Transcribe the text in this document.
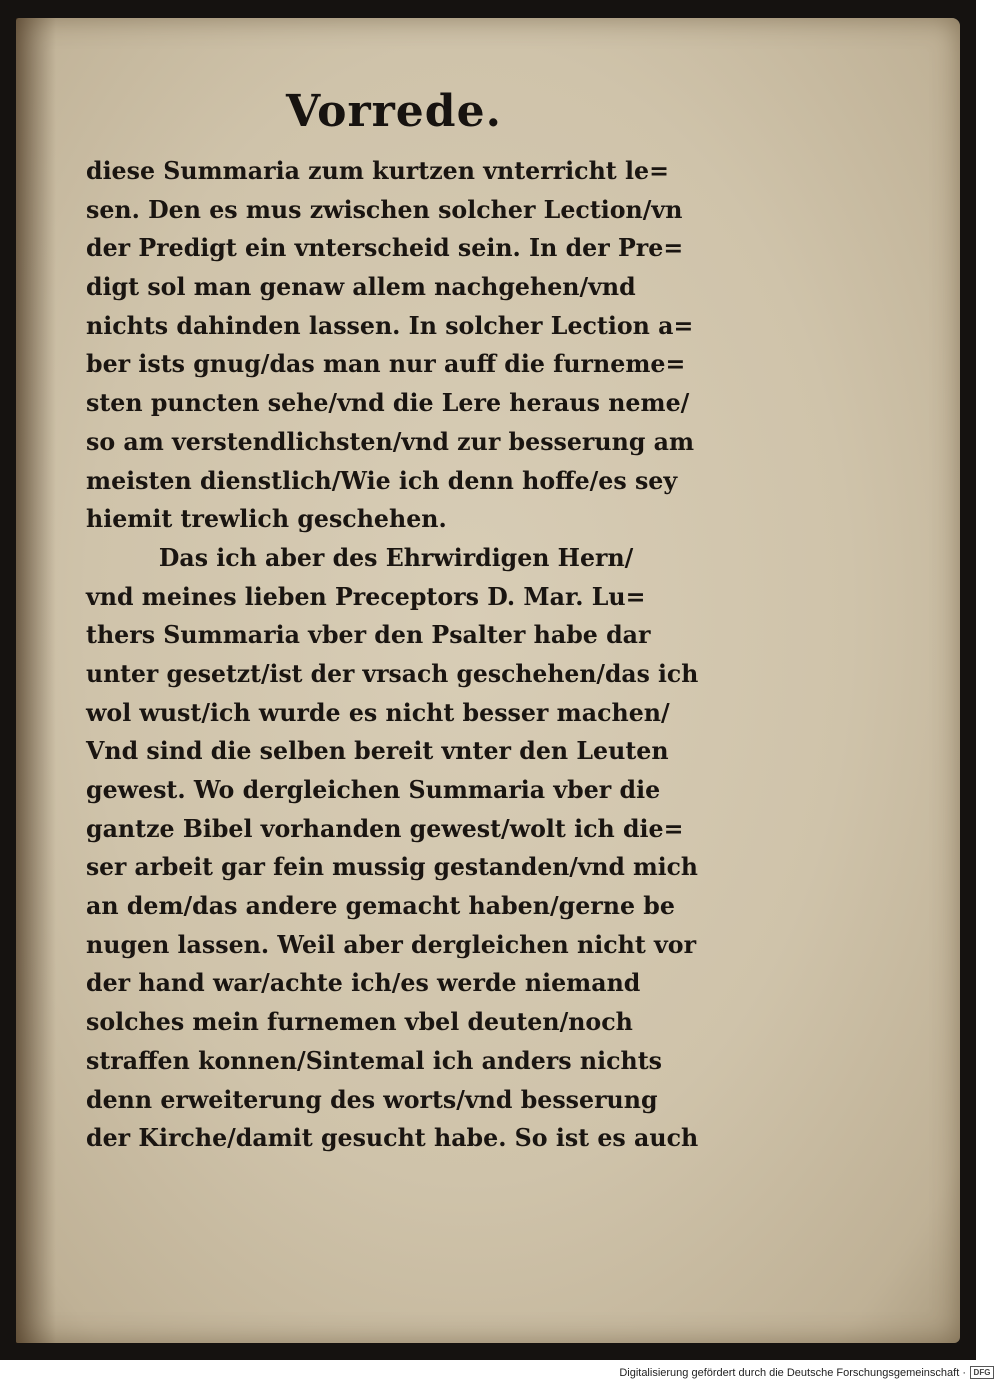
Vorrede.
diese Summaria zum kurtzen vnterricht le=
sen. Den es mus zwischen solcher Lection/vn
der Predigt ein vnterscheid sein. In der Pre=
digt sol man genaw allem nachgehen/vnd
nichts dahinden lassen. In solcher Lection a=
ber ists gnug/das man nur auff die furneme=
sten puncten sehe/vnd die Lere heraus neme/
so am verstendlichsten/vnd zur besserung am
meisten dienstlich/Wie ich denn hoffe/es sey
hiemit trewlich geschehen.
Das ich aber des Ehrwirdigen Hern/
vnd meines lieben Preceptors D. Mar. Lu=
thers Summaria vber den Psalter habe dar
unter gesetzt/ist der vrsach geschehen/das ich
wol wust/ich wurde es nicht besser machen/
Vnd sind die selben bereit vnter den Leuten
gewest. Wo dergleichen Summaria vber die
gantze Bibel vorhanden gewest/wolt ich die=
ser arbeit gar fein mussig gestanden/vnd mich
an dem/das andere gemacht haben/gerne be
nugen lassen. Weil aber dergleichen nicht vor
der hand war/achte ich/es werde niemand
solches mein furnemen vbel deuten/noch
straffen konnen/Sintemal ich anders nichts
denn erweiterung des worts/vnd besserung
der Kirche/damit gesucht habe. So ist es auch
Digitalisierung gefördert durch die Deutsche Forschungsgemeinschaft · DFG
